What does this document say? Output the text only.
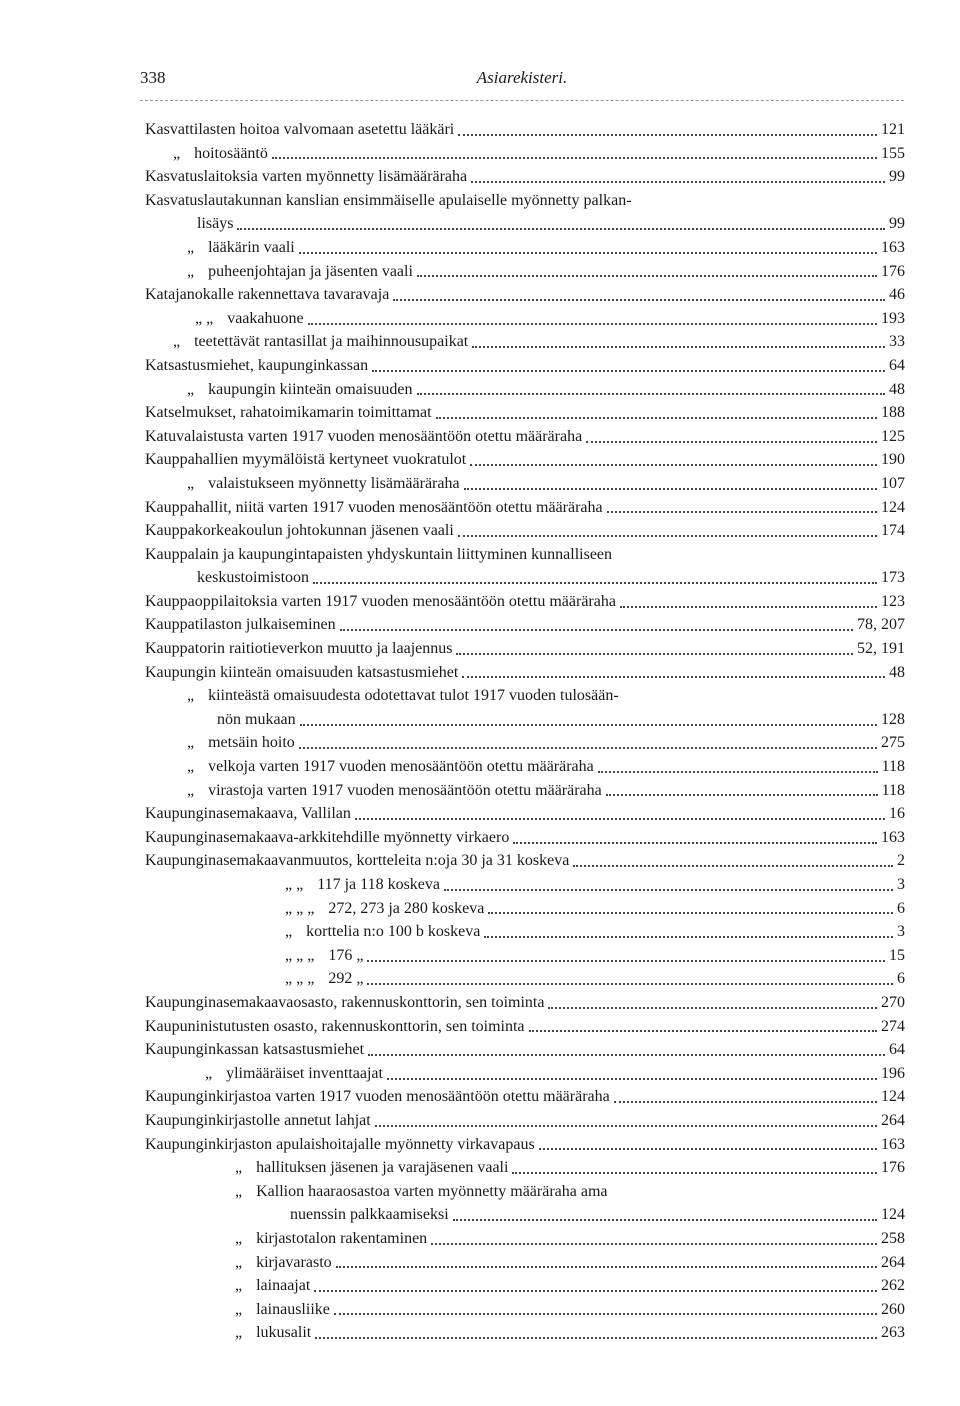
338	Asiarekisteri.
Kasvattilasten hoitoa valvomaan asetettu lääkäri	121
„ hoitosääntö	155
Kasvatuslaitoksia varten myönnetty lisämääräraha	99
Kasvatuslautakunnan kanslian ensimmäiselle apulaiselle myönnetty palkan-
lisäys	99
„ lääkärin vaali	163
„ puheenjohtajan ja jäsenten vaali	176
Katajanokalle rakennettava tavaravaja	46
„ „ vaakahuone	193
„ teetettävät rantasillat ja maihinnousupaikat	33
Katsastusmiehet, kaupunginkassan	64
„ kaupungin kiinteän omaisuuden	48
Katselmukset, rahatoimikamarin toimittamat	188
Katuvalaistusta varten 1917 vuoden menosääntöön otettu määräraha	125
Kauppahallien myymälöistä kertyneet vuokratulot	190
„ valaistukseen myönnetty lisämääräraha	107
Kauppahallit, niitä varten 1917 vuoden menosääntöön otettu määräraha	124
Kauppakorkeakoulun johtokunnan jäsenen vaali	174
Kauppalain ja kaupungintapaisten yhdyskuntain liittyminen kunnalliseen
keskustoimistoon	173
Kauppaoppilaitoksia varten 1917 vuoden menosääntöön otettu määräraha	123
Kauppatilaston julkaiseminen	78, 207
Kauppatorin raitiotieverkon muutto ja laajennus	52, 191
Kaupungin kiinteän omaisuuden katsastusmiehet	48
„ kiinteästä omaisuudesta odotettavat tulot 1917 vuoden tulosään-
nön mukaan	128
„ metsäin hoito	275
„ velkoja varten 1917 vuoden menosääntöön otettu määräraha	118
„ virastoja varten 1917 vuoden menosääntöön otettu määräraha	118
Kaupunginasemakaava, Vallilan	16
Kaupunginasemakaava-arkkitehdille myönnetty virkaero	163
Kaupunginasemakaavanmuutos, kortteleita n:oja 30 ja 31 koskeva	2
„ „ 117 ja 118 koskeva	3
„ „ „ 272, 273 ja 280 koskeva	6
„ korttelia n:o 100 b koskeva	3
„ „ „ 176 „	15
„ „ „ 292 „	6
Kaupunginasemakaavaosasto, rakennuskonttorin, sen toiminta	270
Kaupuninistutusten osasto, rakennuskonttorin, sen toiminta	274
Kaupunginkassan katsastusmiehet	64
„ ylimääräiset inventtaajat	196
Kaupunginkirjastoa varten 1917 vuoden menosääntöön otettu määräraha	124
Kaupunginkirjastolle annetut lahjat	264
Kaupunginkirjaston apulaishoitajalle myönnetty virkavapaus	163
„ hallituksen jäsenen ja varajäsenen vaali	176
„ Kallion haaraosastoa varten myönnetty määräraha ama
nuenssin palkkaamiseksi	124
„ kirjastotalon rakentaminen	258
„ kirjavarasto	264
„ lainaajat	262
„ lainausliike	260
„ lukusalit	263
